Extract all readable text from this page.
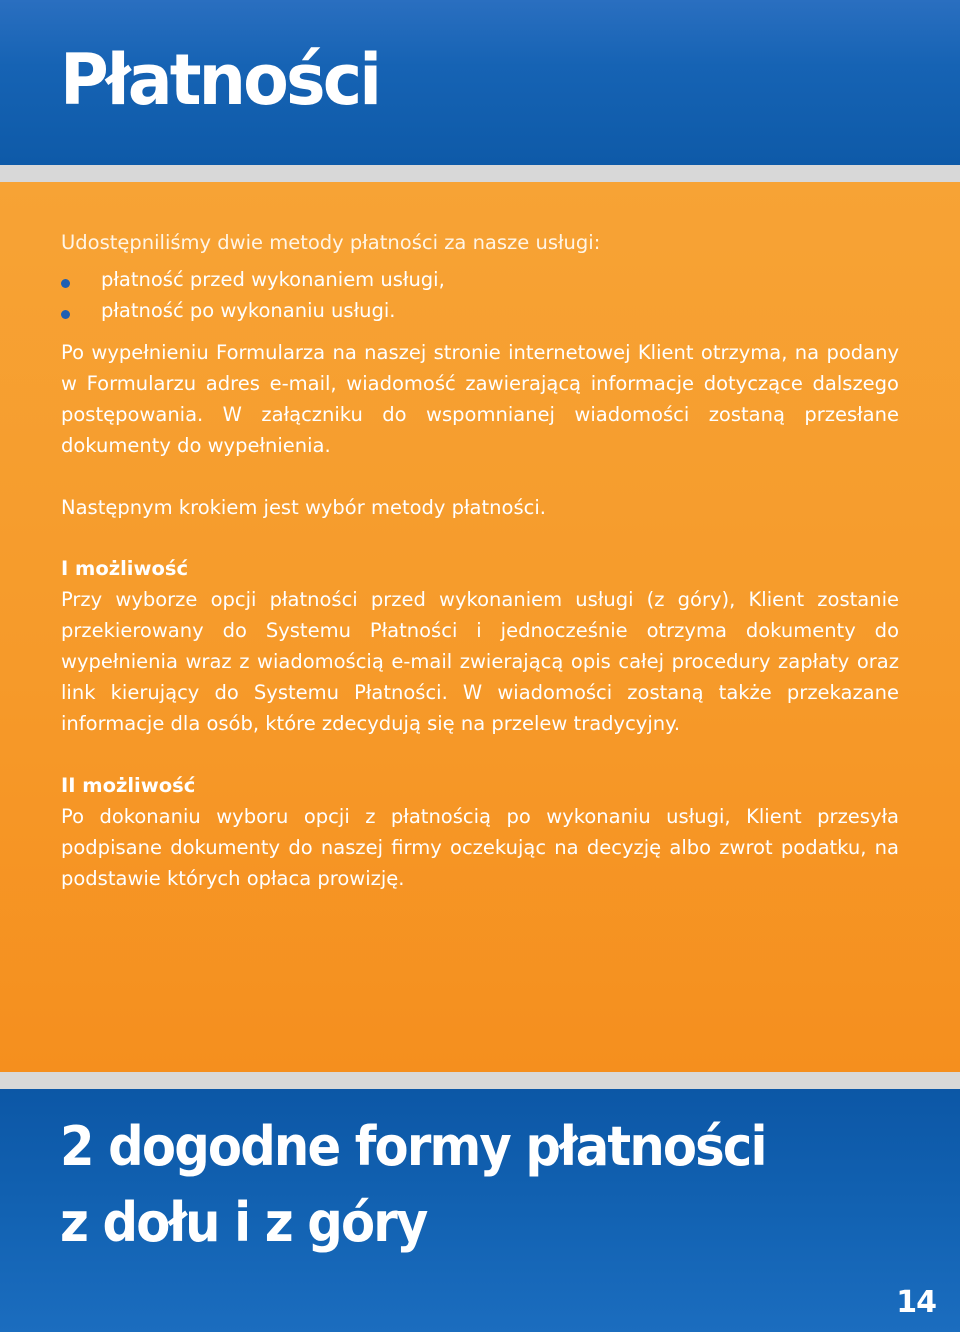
Płatności

Udostępniliśmy dwie metody płatności za nasze usługi:

płatność przed wykonaniem usługi,
płatność po wykonaniu usługi.

Po wypełnieniu Formularza na naszej stronie internetowej Klient otrzyma, na podany w Formularzu adres e-mail, wiadomość zawierającą informacje dotyczące dalszego postępowania. W załączniku do wspomnianej wiadomości zostaną przesłane dokumenty do wypełnienia.

Następnym krokiem jest wybór metody płatności.

I możliwość

Przy wyborze opcji płatności przed wykonaniem usługi (z góry), Klient zostanie przekierowany do Systemu Płatności i jednocześnie otrzyma dokumenty do wypełnienia wraz z wiadomością e-mail zwierającą opis całej procedury zapłaty oraz link kierujący do Systemu Płatności. W wiadomości zostaną także przekazane informacje dla osób, które zdecydują się na przelew tradycyjny.

II możliwość

Po dokonaniu wyboru opcji z płatnością po wykonaniu usługi, Klient przesyła podpisane dokumenty do naszej firmy oczekując na decyzję albo zwrot podatku, na podstawie których opłaca prowizję.

2 dogodne formy płatności

z dołu i z góry

14
